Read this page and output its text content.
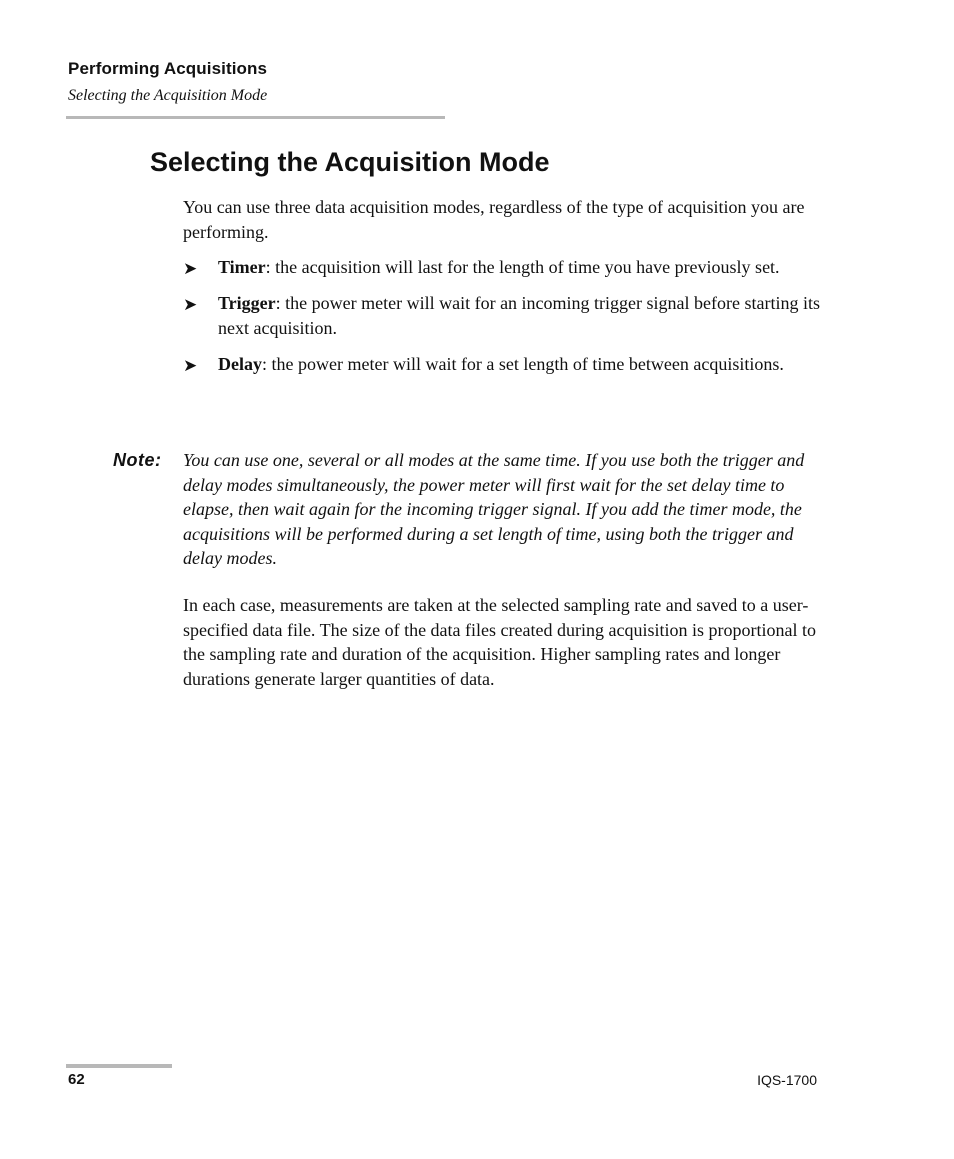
Performing Acquisitions
Selecting the Acquisition Mode
Selecting the Acquisition Mode

You can use three data acquisition modes, regardless of the type of acquisition you are performing.

➤ Timer: the acquisition will last for the length of time you have previously set.
➤ Trigger: the power meter will wait for an incoming trigger signal before starting its next acquisition.
➤ Delay: the power meter will wait for a set length of time between acquisitions.
Note: You can use one, several or all modes at the same time. If you use both the trigger and delay modes simultaneously, the power meter will first wait for the set delay time to elapse, then wait again for the incoming trigger signal. If you add the timer mode, the acquisitions will be performed during a set length of time, using both the trigger and delay modes.

In each case, measurements are taken at the selected sampling rate and saved to a user-specified data file. The size of the data files created during acquisition is proportional to the sampling rate and duration of the acquisition. Higher sampling rates and longer durations generate larger quantities of data.

62	IQS-1700
